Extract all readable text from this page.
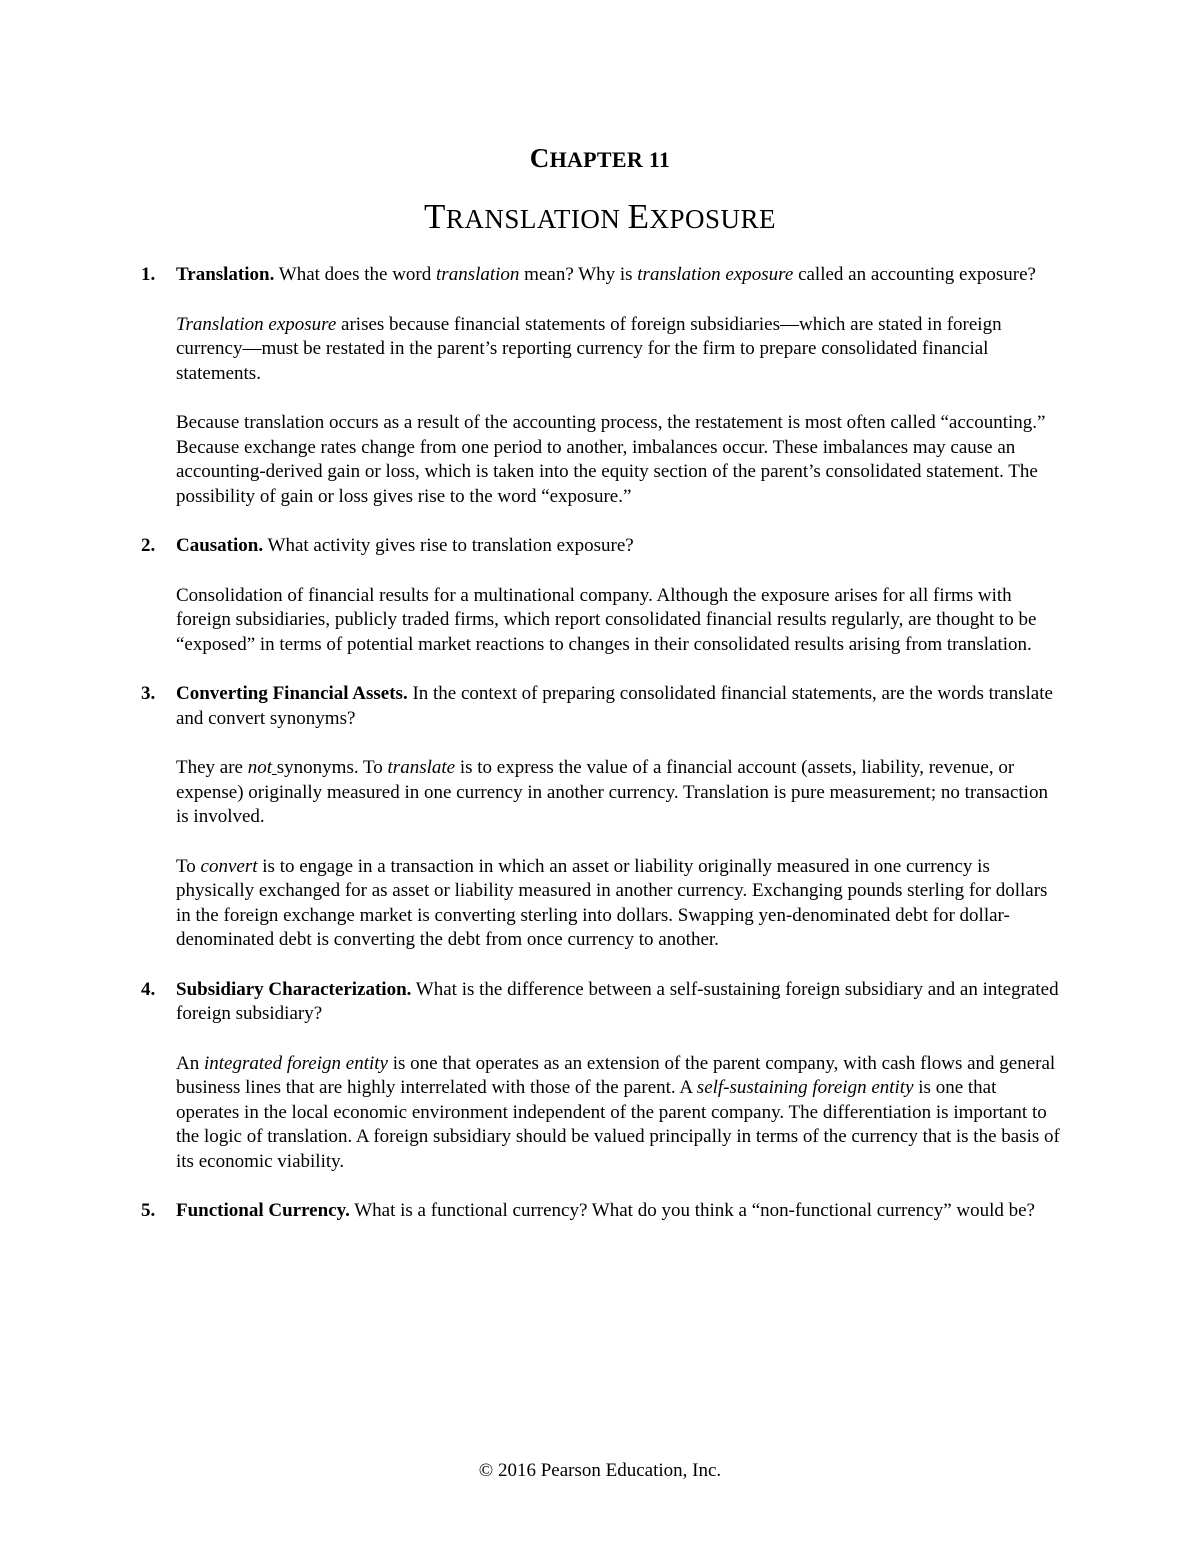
CHAPTER 11
TRANSLATION EXPOSURE
1. Translation. What does the word translation mean? Why is translation exposure called an accounting exposure?

Translation exposure arises because financial statements of foreign subsidiaries—which are stated in foreign currency—must be restated in the parent’s reporting currency for the firm to prepare consolidated financial statements.

Because translation occurs as a result of the accounting process, the restatement is most often called “accounting.” Because exchange rates change from one period to another, imbalances occur. These imbalances may cause an accounting-derived gain or loss, which is taken into the equity section of the parent’s consolidated statement. The possibility of gain or loss gives rise to the word “exposure.”

2. Causation. What activity gives rise to translation exposure?

Consolidation of financial results for a multinational company. Although the exposure arises for all firms with foreign subsidiaries, publicly traded firms, which report consolidated financial results regularly, are thought to be “exposed” in terms of potential market reactions to changes in their consolidated results arising from translation.

3. Converting Financial Assets. In the context of preparing consolidated financial statements, are the words translate and convert synonyms?

They are not synonyms. To translate is to express the value of a financial account (assets, liability, revenue, or expense) originally measured in one currency in another currency. Translation is pure measurement; no transaction is involved.

To convert is to engage in a transaction in which an asset or liability originally measured in one currency is physically exchanged for as asset or liability measured in another currency. Exchanging pounds sterling for dollars in the foreign exchange market is converting sterling into dollars. Swapping yen-denominated debt for dollar-denominated debt is converting the debt from once currency to another.

4. Subsidiary Characterization. What is the difference between a self-sustaining foreign subsidiary and an integrated foreign subsidiary?

An integrated foreign entity is one that operates as an extension of the parent company, with cash flows and general business lines that are highly interrelated with those of the parent. A self-sustaining foreign entity is one that operates in the local economic environment independent of the parent company. The differentiation is important to the logic of translation. A foreign subsidiary should be valued principally in terms of the currency that is the basis of its economic viability.

5. Functional Currency. What is a functional currency? What do you think a “non-functional currency” would be?

© 2016 Pearson Education, Inc.
